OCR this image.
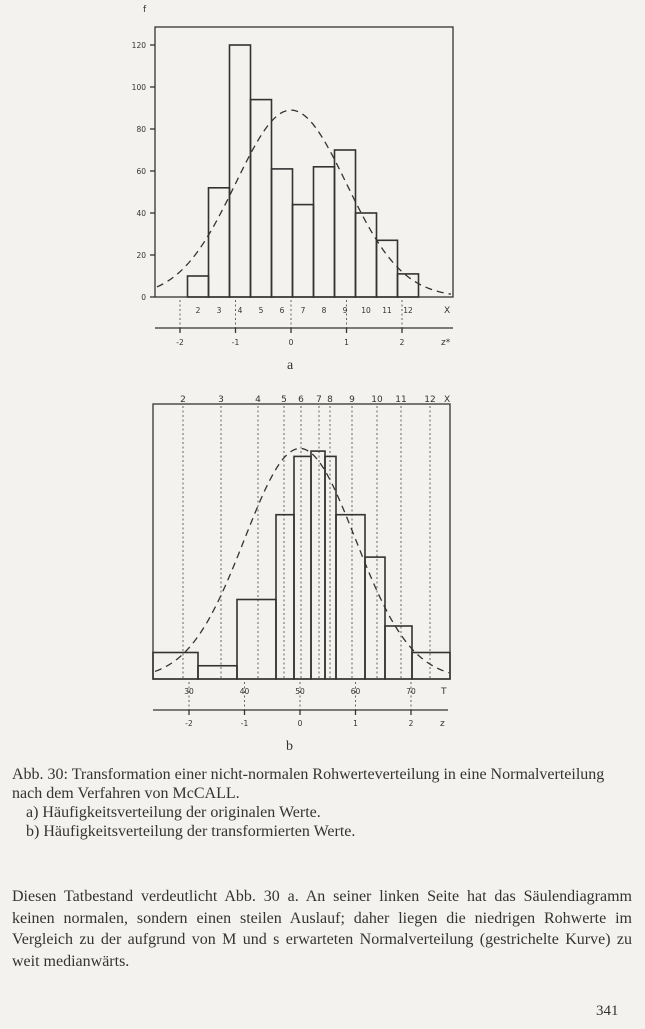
f
0
20
40
60
80
100
120
2 3 4 5 6 7 8 9 10 11 12	X
-2	-1	0	1	2	z*
a
2	3	4 5 6 7 8 9 10 11 12 X
30	40	50	60	70	T
-2	-1	0	1	2	z
b
Abb. 30: Transformation einer nicht-normalen Rohwerteverteilung in eine Normalverteilung nach dem Verfahren von McCALL.
a) Häufigkeitsverteilung der originalen Werte.
b) Häufigkeitsverteilung der transformierten Werte.
Diesen Tatbestand verdeutlicht Abb. 30 a. An seiner linken Seite hat das Säulendiagramm keinen normalen, sondern einen steilen Auslauf; daher liegen die niedrigen Rohwerte im Vergleich zu der aufgrund von M und s erwarteten Normalverteilung (gestrichelte Kurve) zu weit medianwärts.
341
